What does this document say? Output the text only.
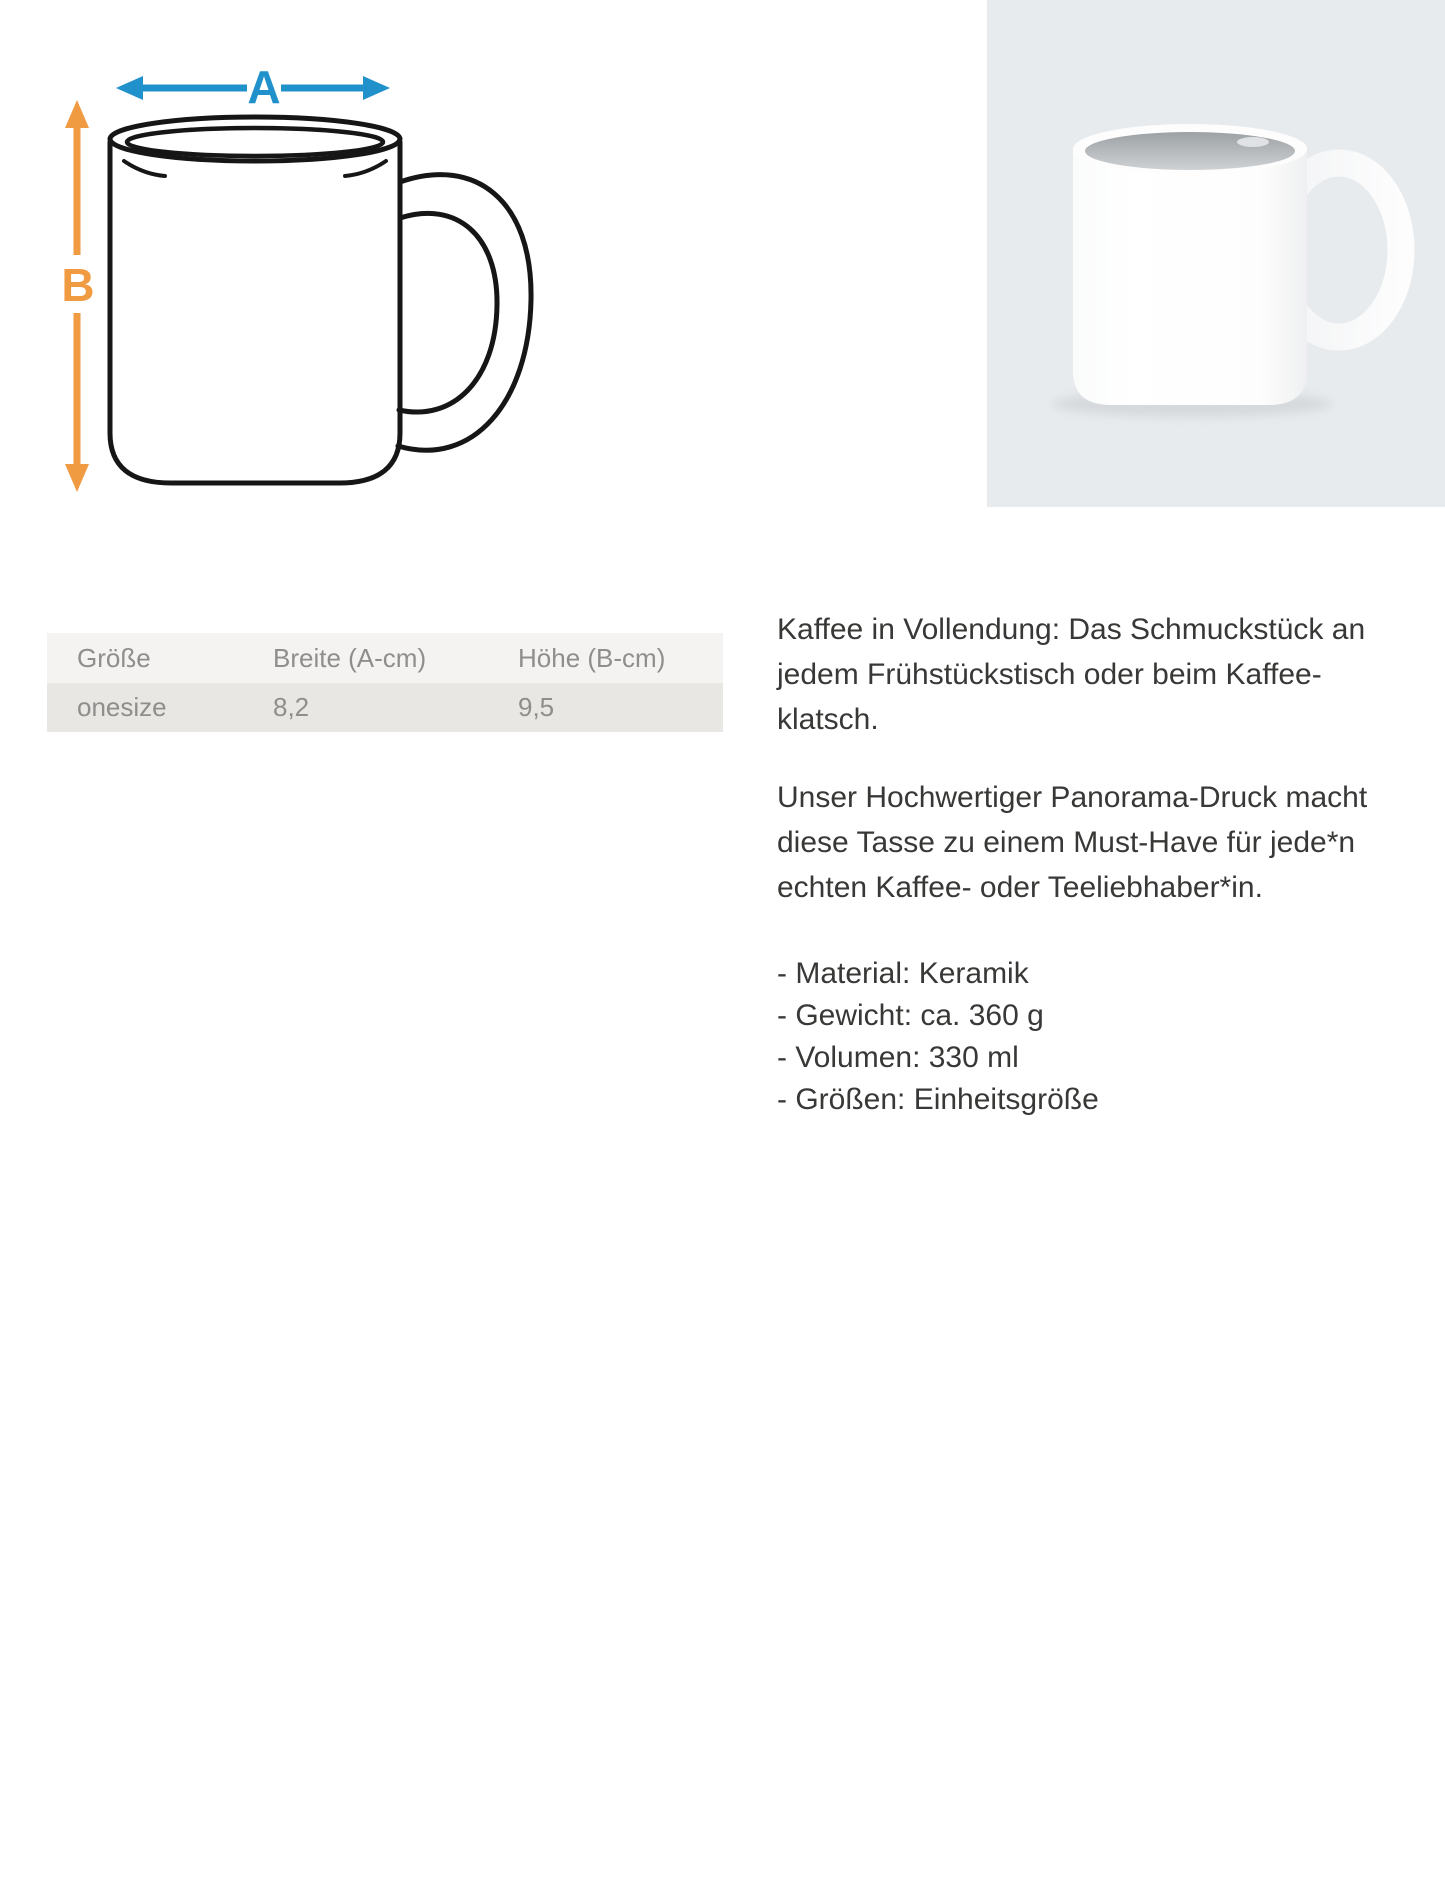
A
B
Größe	Breite (A-cm)	Höhe (B-cm)
onesize	8,2	9,5
Kaffee in Vollendung: Das Schmuckstück an
jedem Frühstückstisch oder beim Kaffee-
klatsch.
Unser Hochwertiger Panorama-Druck macht
diese Tasse zu einem Must-Have für jede*n
echten Kaffee- oder Teeliebhaber*in.
- Material: Keramik
- Gewicht: ca. 360 g
- Volumen: 330 ml
- Größen: Einheitsgröße
